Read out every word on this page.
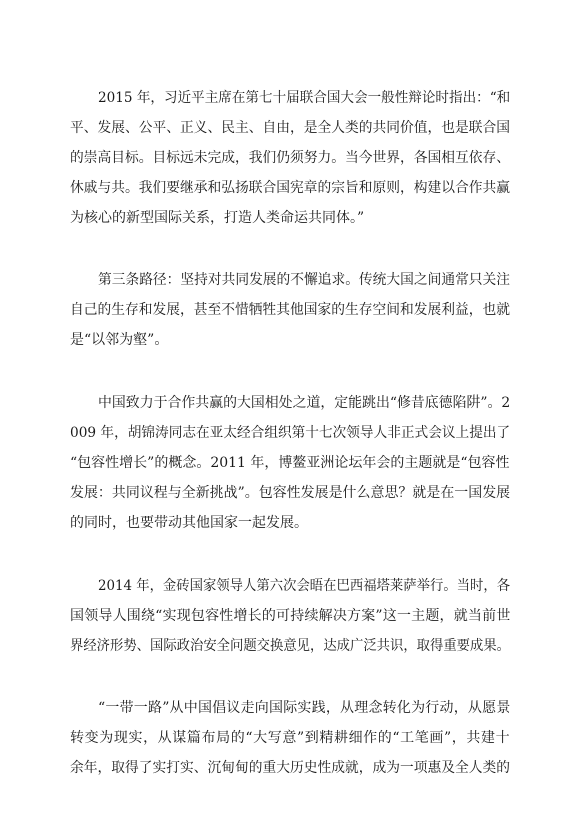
2015 年，习近平主席在第七十届联合国大会一般性辩论时指出：“和
平、发展、公平、正义、民主、自由，是全人类的共同价值，也是联合国
的崇高目标。目标远未完成，我们仍须努力。当今世界，各国相互依存、
休戚与共。我们要继承和弘扬联合国宪章的宗旨和原则，构建以合作共赢
为核心的新型国际关系，打造人类命运共同体。”
第三条路径：坚持对共同发展的不懈追求。传统大国之间通常只关注
自己的生存和发展，甚至不惜牺牲其他国家的生存空间和发展利益，也就
是“以邻为壑”。
中国致力于合作共赢的大国相处之道，定能跳出“修昔底德陷阱”。2
009 年，胡锦涛同志在亚太经合组织第十七次领导人非正式会议上提出了
“包容性增长”的概念。2011 年，博鳌亚洲论坛年会的主题就是“包容性
发展：共同议程与全新挑战”。包容性发展是什么意思？就是在一国发展
的同时，也要带动其他国家一起发展。
2014 年，金砖国家领导人第六次会晤在巴西福塔莱萨举行。当时，各
国领导人围绕“实现包容性增长的可持续解决方案”这一主题，就当前世
界经济形势、国际政治安全问题交换意见，达成广泛共识，取得重要成果。
“一带一路”从中国倡议走向国际实践，从理念转化为行动，从愿景
转变为现实，从谋篇布局的“大写意”到精耕细作的“工笔画”，共建十
余年，取得了实打实、沉甸甸的重大历史性成就，成为一项惠及全人类的
